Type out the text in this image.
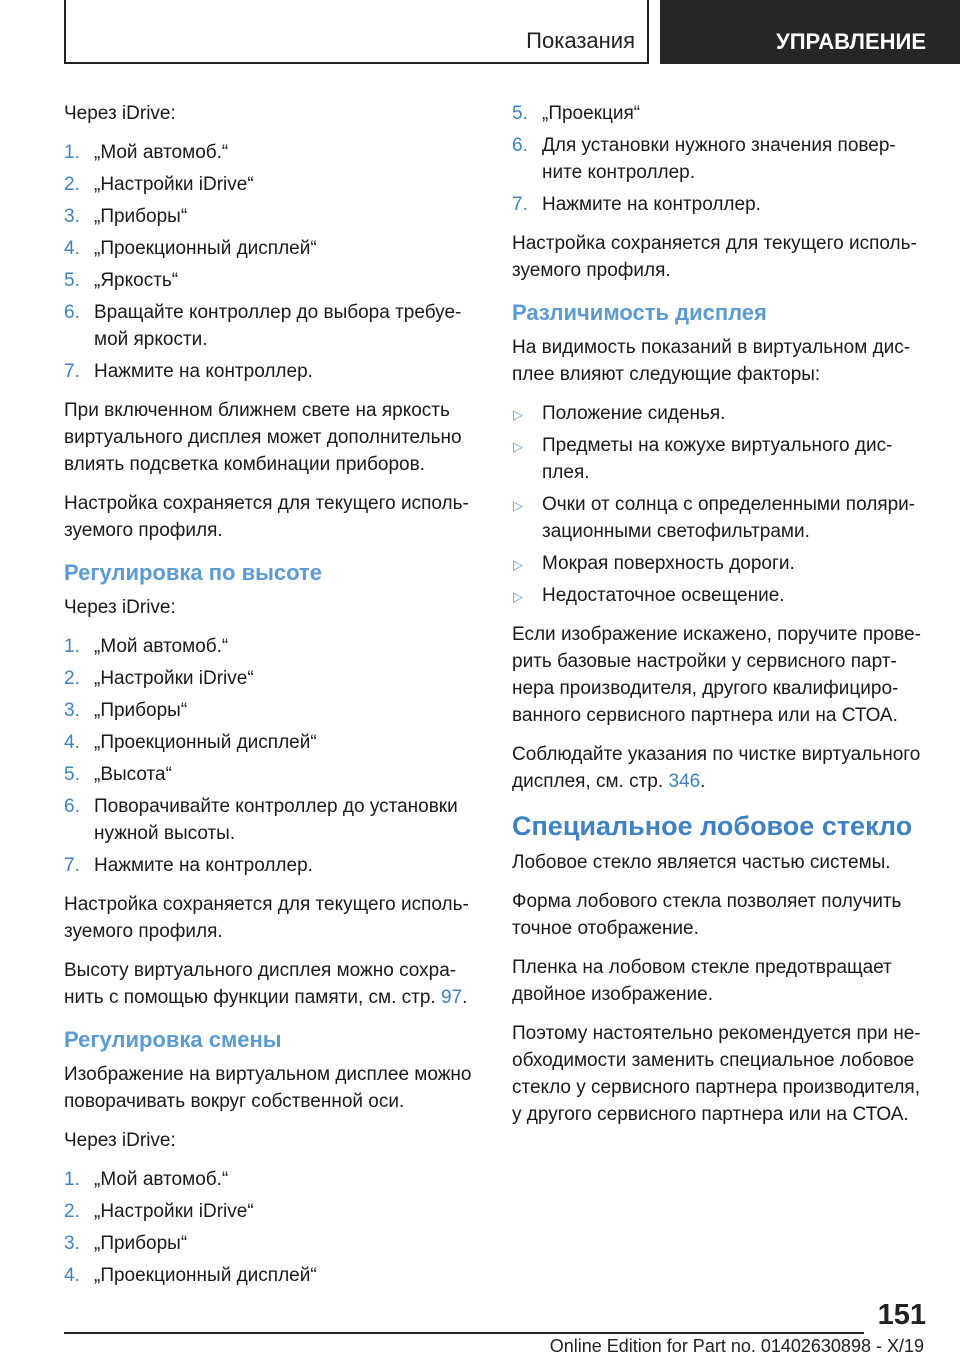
Показания	УПРАВЛЕНИЕ

Через iDrive:

1. „Мой автомоб.“
2. „Настройки iDrive“
3. „Приборы“
4. „Проекционный дисплей“
5. „Яркость“
6. Вращайте контроллер до выбора требуе-мой яркости.
7. Нажмите на контроллер.

При включенном ближнем свете на яркость виртуального дисплея может дополнительно влиять подсветка комбинации приборов.

Настройка сохраняется для текущего исполь-зуемого профиля.

Регулировка по высоте

Через iDrive:

1. „Мой автомоб.“
2. „Настройки iDrive“
3. „Приборы“
4. „Проекционный дисплей“
5. „Высота“
6. Поворачивайте контроллер до установки нужной высоты.
7. Нажмите на контроллер.

Настройка сохраняется для текущего исполь-зуемого профиля.

Высоту виртуального дисплея можно сохра-нить с помощью функции памяти, см. стр. 97.

Регулировка смены

Изображение на виртуальном дисплее можно поворачивать вокруг собственной оси.

Через iDrive:

1. „Мой автомоб.“
2. „Настройки iDrive“
3. „Приборы“
4. „Проекционный дисплей“
5. „Проекция“
6. Для установки нужного значения повер-ните контроллер.
7. Нажмите на контроллер.

Настройка сохраняется для текущего исполь-зуемого профиля.

Различимость дисплея

На видимость показаний в виртуальном дис-плее влияют следующие факторы:

▷ Положение сиденья.
▷ Предметы на кожухе виртуального дис-плея.
▷ Очки от солнца с определенными поляри-зационными светофильтрами.
▷ Мокрая поверхность дороги.
▷ Недостаточное освещение.

Если изображение искажено, поручите прове-рить базовые настройки у сервисного парт-нера производителя, другого квалифициро-ванного сервисного партнера или на СТОА.

Соблюдайте указания по чистке виртуального дисплея, см. стр. 346.

Специальное лобовое стекло

Лобовое стекло является частью системы.

Форма лобового стекла позволяет получить точное отображение.

Пленка на лобовом стекле предотвращает двойное изображение.

Поэтому настоятельно рекомендуется при не-обходимости заменить специальное лобовое стекло у сервисного партнера производителя, у другого сервисного партнера или на СТОА.

151
Online Edition for Part no. 01402630898 - X/19
